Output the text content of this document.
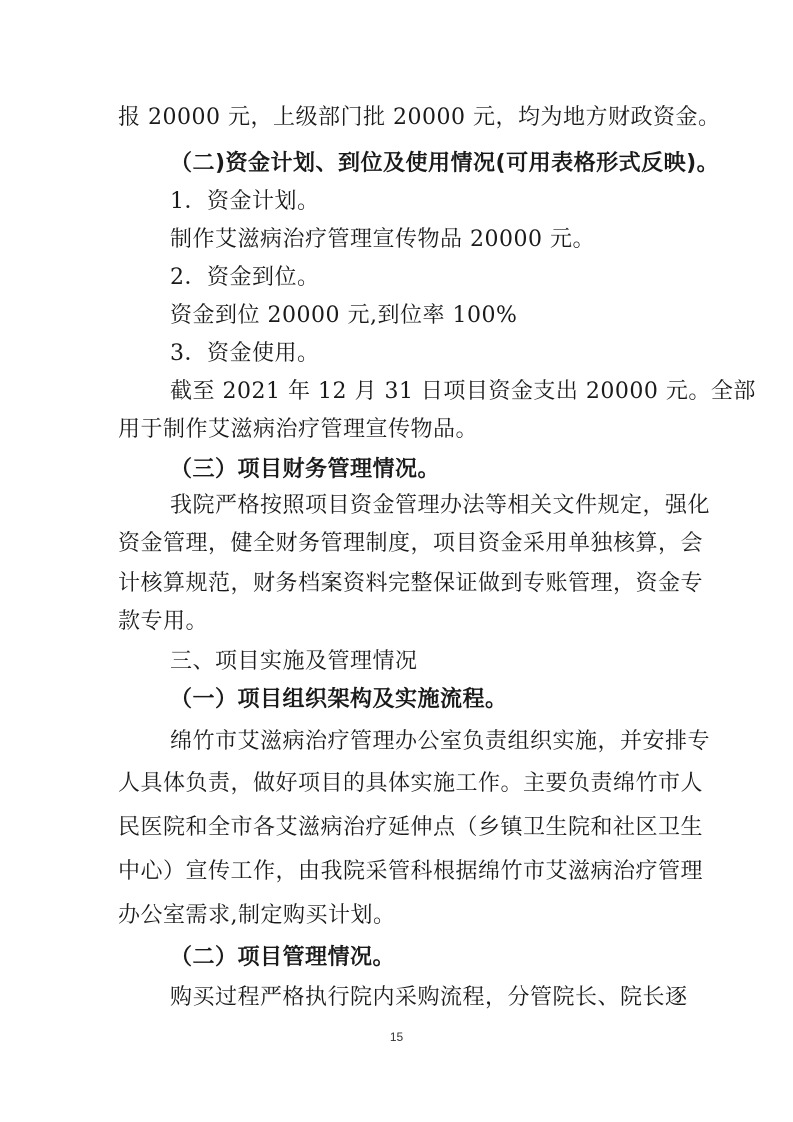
报 20000 元，上级部门批 20000 元，均为地方财政资金。
（二)资金计划、到位及使用情况(可用表格形式反映)。
1．资金计划。
制作艾滋病治疗管理宣传物品 20000 元。
2．资金到位。
资金到位 20000 元,到位率 100%
3．资金使用。
截至 2021 年 12 月 31 日项目资金支出 20000 元。全部
用于制作艾滋病治疗管理宣传物品。
（三）项目财务管理情况。
我院严格按照项目资金管理办法等相关文件规定，强化
资金管理，健全财务管理制度，项目资金采用单独核算，会
计核算规范，财务档案资料完整保证做到专账管理，资金专
款专用。
三、项目实施及管理情况
（一）项目组织架构及实施流程。
绵竹市艾滋病治疗管理办公室负责组织实施，并安排专
人具体负责，做好项目的具体实施工作。主要负责绵竹市人
民医院和全市各艾滋病治疗延伸点（乡镇卫生院和社区卫生
中心）宣传工作，由我院采管科根据绵竹市艾滋病治疗管理
办公室需求,制定购买计划。
（二）项目管理情况。
购买过程严格执行院内采购流程，分管院长、院长逐
15
